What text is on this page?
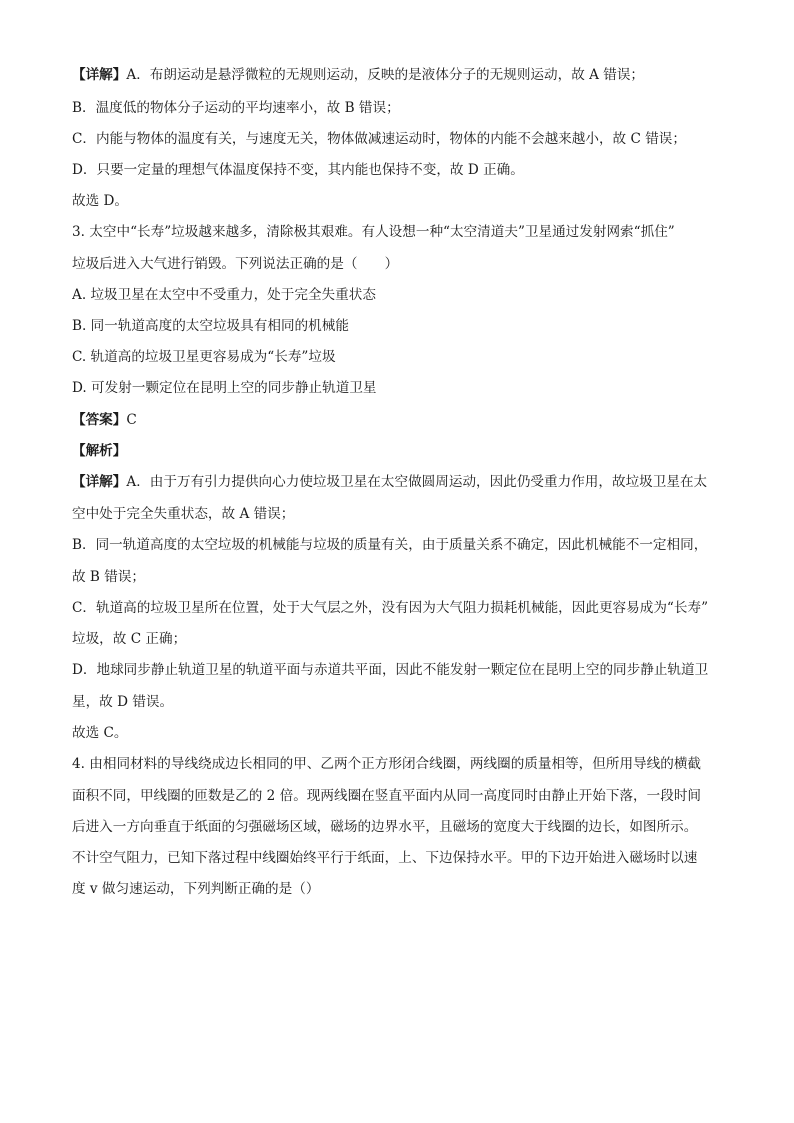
【详解】A．布朗运动是悬浮微粒的无规则运动，反映的是液体分子的无规则运动，故 A 错误；
B．温度低的物体分子运动的平均速率小，故 B 错误；
C．内能与物体的温度有关，与速度无关，物体做减速运动时，物体的内能不会越来越小，故 C 错误；
D．只要一定量的理想气体温度保持不变，其内能也保持不变，故 D 正确。
故选 D。
3. 太空中“长寿”垃圾越来越多，清除极其艰难。有人设想一种“太空清道夫”卫星通过发射网索“抓住”
垃圾后进入大气进行销毁。下列说法正确的是（　　）
A. 垃圾卫星在太空中不受重力，处于完全失重状态
B. 同一轨道高度的太空垃圾具有相同的机械能
C. 轨道高的垃圾卫星更容易成为“长寿”垃圾
D. 可发射一颗定位在昆明上空的同步静止轨道卫星
【答案】C
【解析】
【详解】A．由于万有引力提供向心力使垃圾卫星在太空做圆周运动，因此仍受重力作用，故垃圾卫星在太
空中处于完全失重状态，故 A 错误；
B．同一轨道高度的太空垃圾的机械能与垃圾的质量有关，由于质量关系不确定，因此机械能不一定相同，
故 B 错误；
C．轨道高的垃圾卫星所在位置，处于大气层之外，没有因为大气阻力损耗机械能，因此更容易成为“长寿”
垃圾，故 C 正确；
D．地球同步静止轨道卫星的轨道平面与赤道共平面，因此不能发射一颗定位在昆明上空的同步静止轨道卫
星，故 D 错误。
故选 C。
4. 由相同材料的导线绕成边长相同的甲、乙两个正方形闭合线圈，两线圈的质量相等，但所用导线的横截
面积不同，甲线圈的匝数是乙的 2 倍。现两线圈在竖直平面内从同一高度同时由静止开始下落，一段时间
后进入一方向垂直于纸面的匀强磁场区域，磁场的边界水平，且磁场的宽度大于线圈的边长，如图所示。
不计空气阻力，已知下落过程中线圈始终平行于纸面，上、下边保持水平。甲的下边开始进入磁场时以速
度 v 做匀速运动，下列判断正确的是（）
